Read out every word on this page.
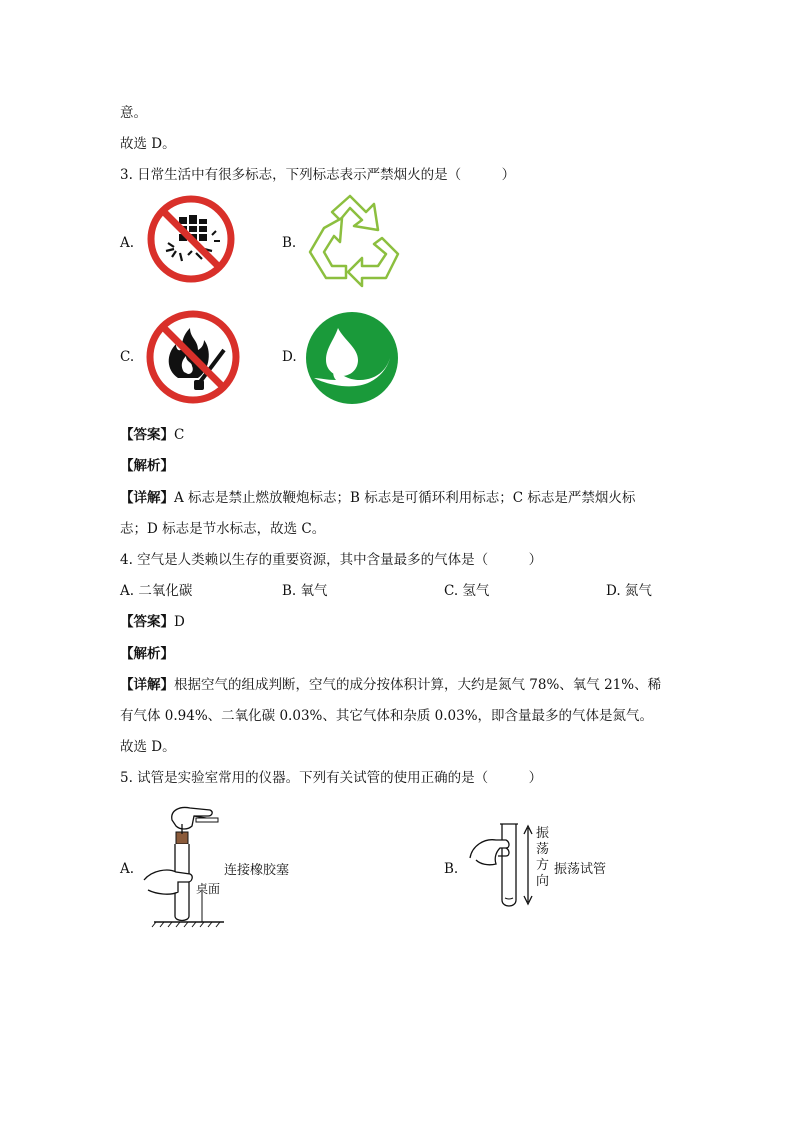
意。
故选 D。
3. 日常生活中有很多标志，下列标志表示严禁烟火的是（　　　）
A.	B.
C.	D.
【答案】C
【解析】
【详解】A 标志是禁止燃放鞭炮标志；B 标志是可循环利用标志；C 标志是严禁烟火标
志；D 标志是节水标志，故选 C。
4. 空气是人类赖以生存的重要资源，其中含量最多的气体是（　　　）
A. 二氧化碳	B. 氧气	C. 氢气	D. 氮气
【答案】D
【解析】
【详解】根据空气的组成判断，空气的成分按体积计算，大约是氮气 78%、氧气 21%、稀
有气体 0.94%、二氧化碳 0.03%、其它气体和杂质 0.03%，即含量最多的气体是氮气。
故选 D。
5. 试管是实验室常用的仪器。下列有关试管的使用正确的是（　　　）
A.
桌面
连接橡胶塞	B.
振
荡
方
向
振荡试管
